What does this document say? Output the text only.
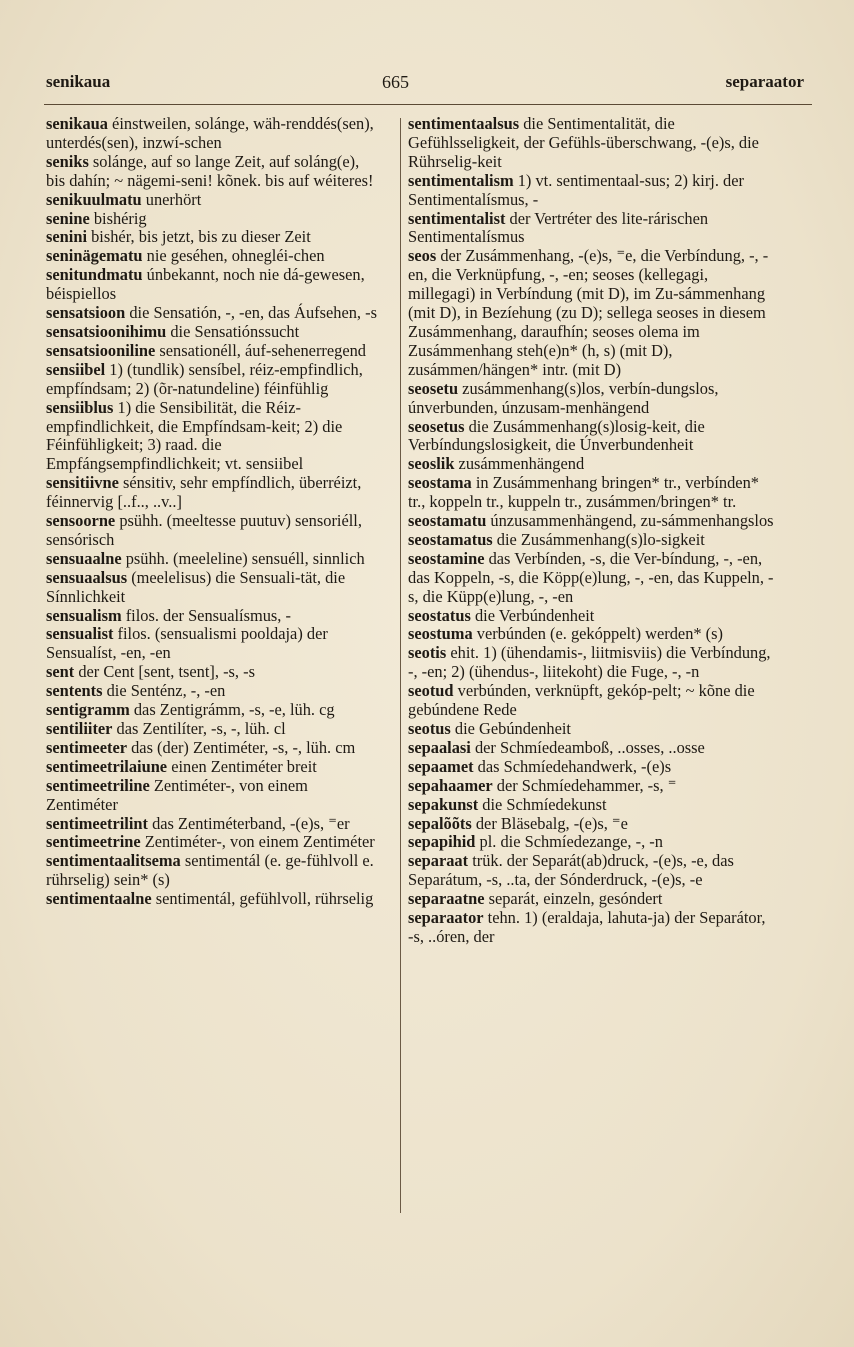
senikaua	665	separaator

senikaua éinstweilen, solánge, wäh-renddés(sen), unterdés(sen), inzwí-schen

seniks solánge, auf so lange Zeit, auf soláng(e), bis dahín; ~ nägemi-seni! kõnek. bis auf wéiteres!

senikuulmatu unerhört

senine bishérig

senini bishér, bis jetzt, bis zu dieser Zeit

seninägematu nie geséhen, ohnegléi-chen

senitundmatu únbekannt, noch nie dá-gewesen, béispiellos

sensatsioon die Sensatión, -, -en, das Áufsehen, -s

sensatsioonihimu die Sensatiónssucht

sensatsiooniline sensationéll, áuf-sehenerregend

sensiibel 1) (tundlik) sensíbel, réiz-empfindlich, empfíndsam; 2) (õr-natundeline) féinfühlig

sensiiblus 1) die Sensibilität, die Réiz-empfindlichkeit, die Empfíndsam-keit; 2) die Féinfühligkeit; 3) raad. die Empfángsempfindlichkeit; vt. sensiibel

sensitiivne sénsitiv, sehr empfíndlich, überréizt, féinnervig [..f.., ..v..]

sensoorne psühh. (meeltesse puutuv) sensoriéll, sensórisch

sensuaalne psühh. (meeleline) sensuéll, sinnlich

sensuaalsus (meelelisus) die Sensuali-tät, die Sínnlichkeit

sensualism filos. der Sensualísmus, -

sensualist filos. (sensualismi pooldaja) der Sensualíst, -en, -en

sent der Cent [sent, tsent], -s, -s

sentents die Senténz, -, -en

sentigramm das Zentigrámm, -s, -e, lüh. cg

sentiliiter das Zentilíter, -s, -, lüh. cl

sentimeeter das (der) Zentiméter, -s, -, lüh. cm

sentimeetrilaiune einen Zentiméter breit

sentimeetriline Zentiméter-, von einem Zentiméter

sentimeetrilint das Zentiméterband, -(e)s, ⁼er

sentimeetrine Zentiméter-, von einem Zentiméter

sentimentaalitsema sentimentál (e. ge-fühlvoll e. rührselig) sein* (s)

sentimentaalne sentimentál, gefühlvoll, rührselig

sentimentaalsus die Sentimentalität, die Gefühlsseligkeit, der Gefühls-überschwang, -(e)s, die Rührselig-keit

sentimentalism 1) vt. sentimentaal-sus; 2) kirj. der Sentimentalísmus, -

sentimentalist der Vertréter des lite-rárischen Sentimentalísmus

seos der Zusámmenhang, -(e)s, ⁼e, die Verbíndung, -, -en, die Verknüpfung, -, -en; seoses (kellegagi, millegagi) in Verbíndung (mit D), im Zu-sámmenhang (mit D), in Bezíehung (zu D); sellega seoses in diesem Zusámmenhang, daraufhín; seoses olema im Zusámmenhang steh(e)n* (h, s) (mit D), zusámmen/hängen* intr. (mit D)

seosetu zusámmenhang(s)los, verbín-dungslos, únverbunden, únzusam-menhängend

seosetus die Zusámmenhang(s)losig-keit, die Verbíndungslosigkeit, die Únverbundenheit

seoslik zusámmenhängend

seostama in Zusámmenhang bringen* tr., verbínden* tr., koppeln tr., kuppeln tr., zusámmen/bringen* tr.

seostamatu únzusammenhängend, zu-sámmenhangslos

seostamatus die Zusámmenhang(s)lo-sigkeit

seostamine das Verbínden, -s, die Ver-bíndung, -, -en, das Koppeln, -s, die Köpp(e)lung, -, -en, das Kuppeln, -s, die Küpp(e)lung, -, -en

seostatus die Verbúndenheit

seostuma verbúnden (e. gekóppelt) werden* (s)

seotis ehit. 1) (ühendamis-, liitmisviis) die Verbíndung, -, -en; 2) (ühendus-, liitekoht) die Fuge, -, -n

seotud verbúnden, verknüpft, gekóp-pelt; ~ kõne die gebúndene Rede

seotus die Gebúndenheit

sepaalasi der Schmíedeamboß, ..osses, ..osse

sepaamet das Schmíedehandwerk, -(e)s

sepahaamer der Schmíedehammer, -s, ⁼

sepakunst die Schmíedekunst

sepalõõts der Bläsebalg, -(e)s, ⁼e

sepapihid pl. die Schmíedezange, -, -n

separaat trük. der Separát(ab)druck, -(e)s, -e, das Separátum, -s, ..ta, der Sónderdruck, -(e)s, -e

separaatne separát, einzeln, gesóndert

separaator tehn. 1) (eraldaja, lahuta-ja) der Separátor, -s, ..óren, der
